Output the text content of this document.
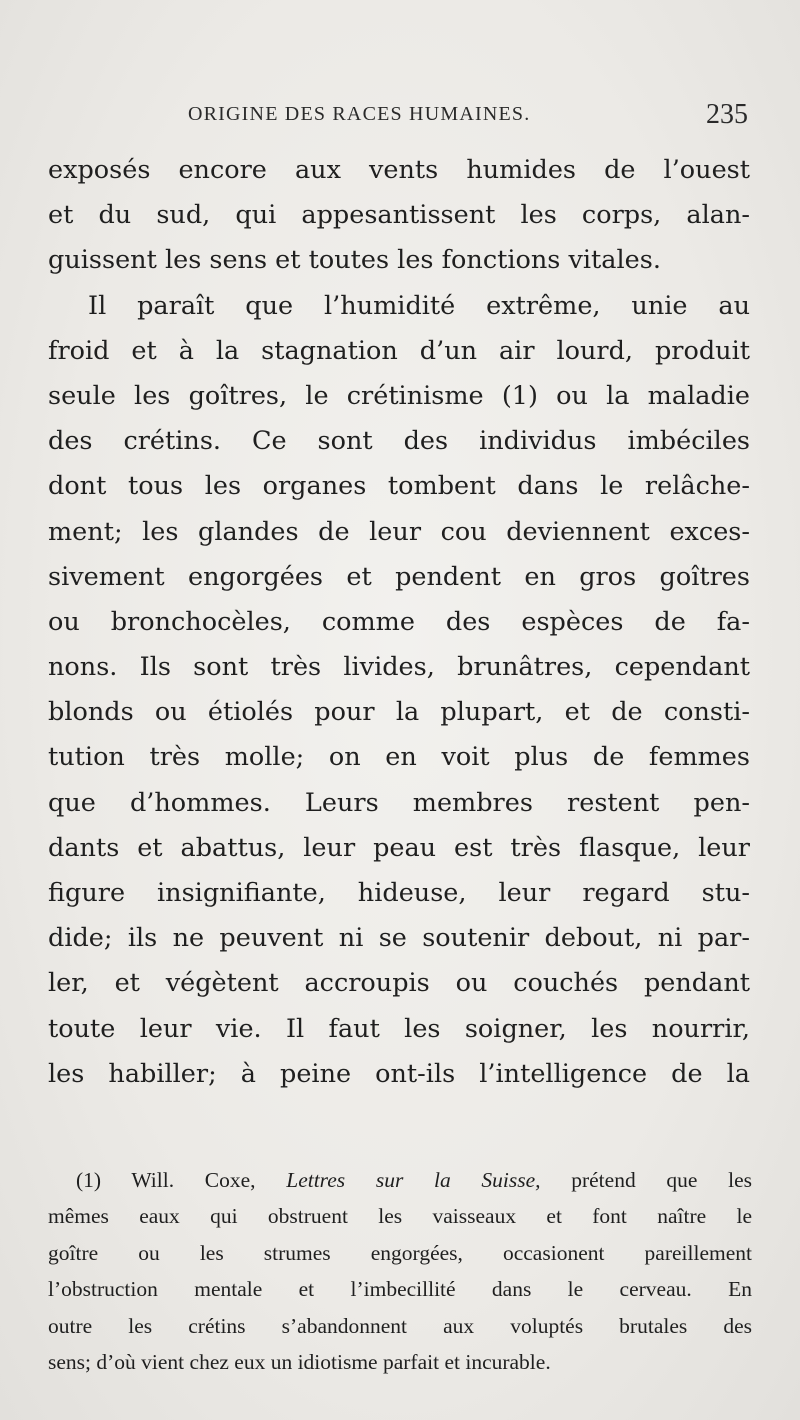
ORIGINE DES RACES HUMAINES.	235
exposés encore aux vents humides de l’ouest
et du sud, qui appesantissent les corps, alan-
guissent les sens et toutes les fonctions vitales.
Il paraît que l’humidité extrême, unie au
froid et à la stagnation d’un air lourd, produit
seule les goîtres, le crétinisme (1) ou la maladie
des crétins. Ce sont des individus imbéciles
dont tous les organes tombent dans le relâche-
ment; les glandes de leur cou deviennent exces-
sivement engorgées et pendent en gros goîtres
ou bronchocèles, comme des espèces de fa-
nons. Ils sont très livides, brunâtres, cependant
blonds ou étiolés pour la plupart, et de consti-
tution très molle; on en voit plus de femmes
que d’hommes. Leurs membres restent pen-
dants et abattus, leur peau est très flasque, leur
figure insignifiante, hideuse, leur regard stu-
dide; ils ne peuvent ni se soutenir debout, ni par-
ler, et végètent accroupis ou couchés pendant
toute leur vie. Il faut les soigner, les nourrir,
les habiller; à peine ont-ils l’intelligence de la
(1) Will. Coxe, Lettres sur la Suisse, prétend que les
mêmes eaux qui obstruent les vaisseaux et font naître le
goître ou les strumes engorgées, occasionent pareillement
l’obstruction mentale et l’imbecillité dans le cerveau. En
outre les crétins s’abandonnent aux voluptés brutales des
sens; d’où vient chez eux un idiotisme parfait et incurable.
